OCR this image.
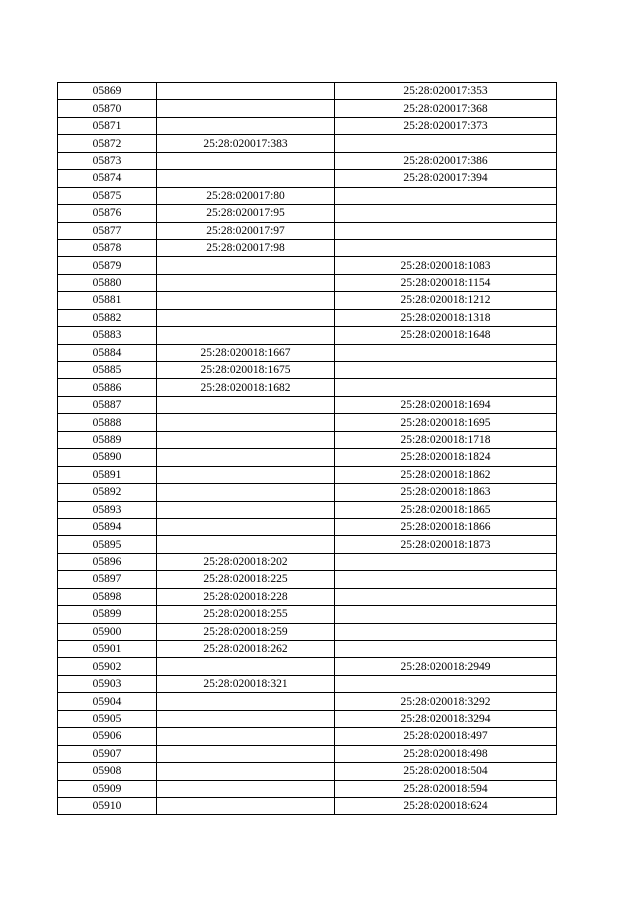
05869		25:28:020017:353
05870		25:28:020017:368
05871		25:28:020017:373
05872	25:28:020017:383	
05873		25:28:020017:386
05874		25:28:020017:394
05875	25:28:020017:80	
05876	25:28:020017:95	
05877	25:28:020017:97	
05878	25:28:020017:98	
05879		25:28:020018:1083
05880		25:28:020018:1154
05881		25:28:020018:1212
05882		25:28:020018:1318
05883		25:28:020018:1648
05884	25:28:020018:1667	
05885	25:28:020018:1675	
05886	25:28:020018:1682	
05887		25:28:020018:1694
05888		25:28:020018:1695
05889		25:28:020018:1718
05890		25:28:020018:1824
05891		25:28:020018:1862
05892		25:28:020018:1863
05893		25:28:020018:1865
05894		25:28:020018:1866
05895		25:28:020018:1873
05896	25:28:020018:202	
05897	25:28:020018:225	
05898	25:28:020018:228	
05899	25:28:020018:255	
05900	25:28:020018:259	
05901	25:28:020018:262	
05902		25:28:020018:2949
05903	25:28:020018:321	
05904		25:28:020018:3292
05905		25:28:020018:3294
05906		25:28:020018:497
05907		25:28:020018:498
05908		25:28:020018:504
05909		25:28:020018:594
05910		25:28:020018:624
